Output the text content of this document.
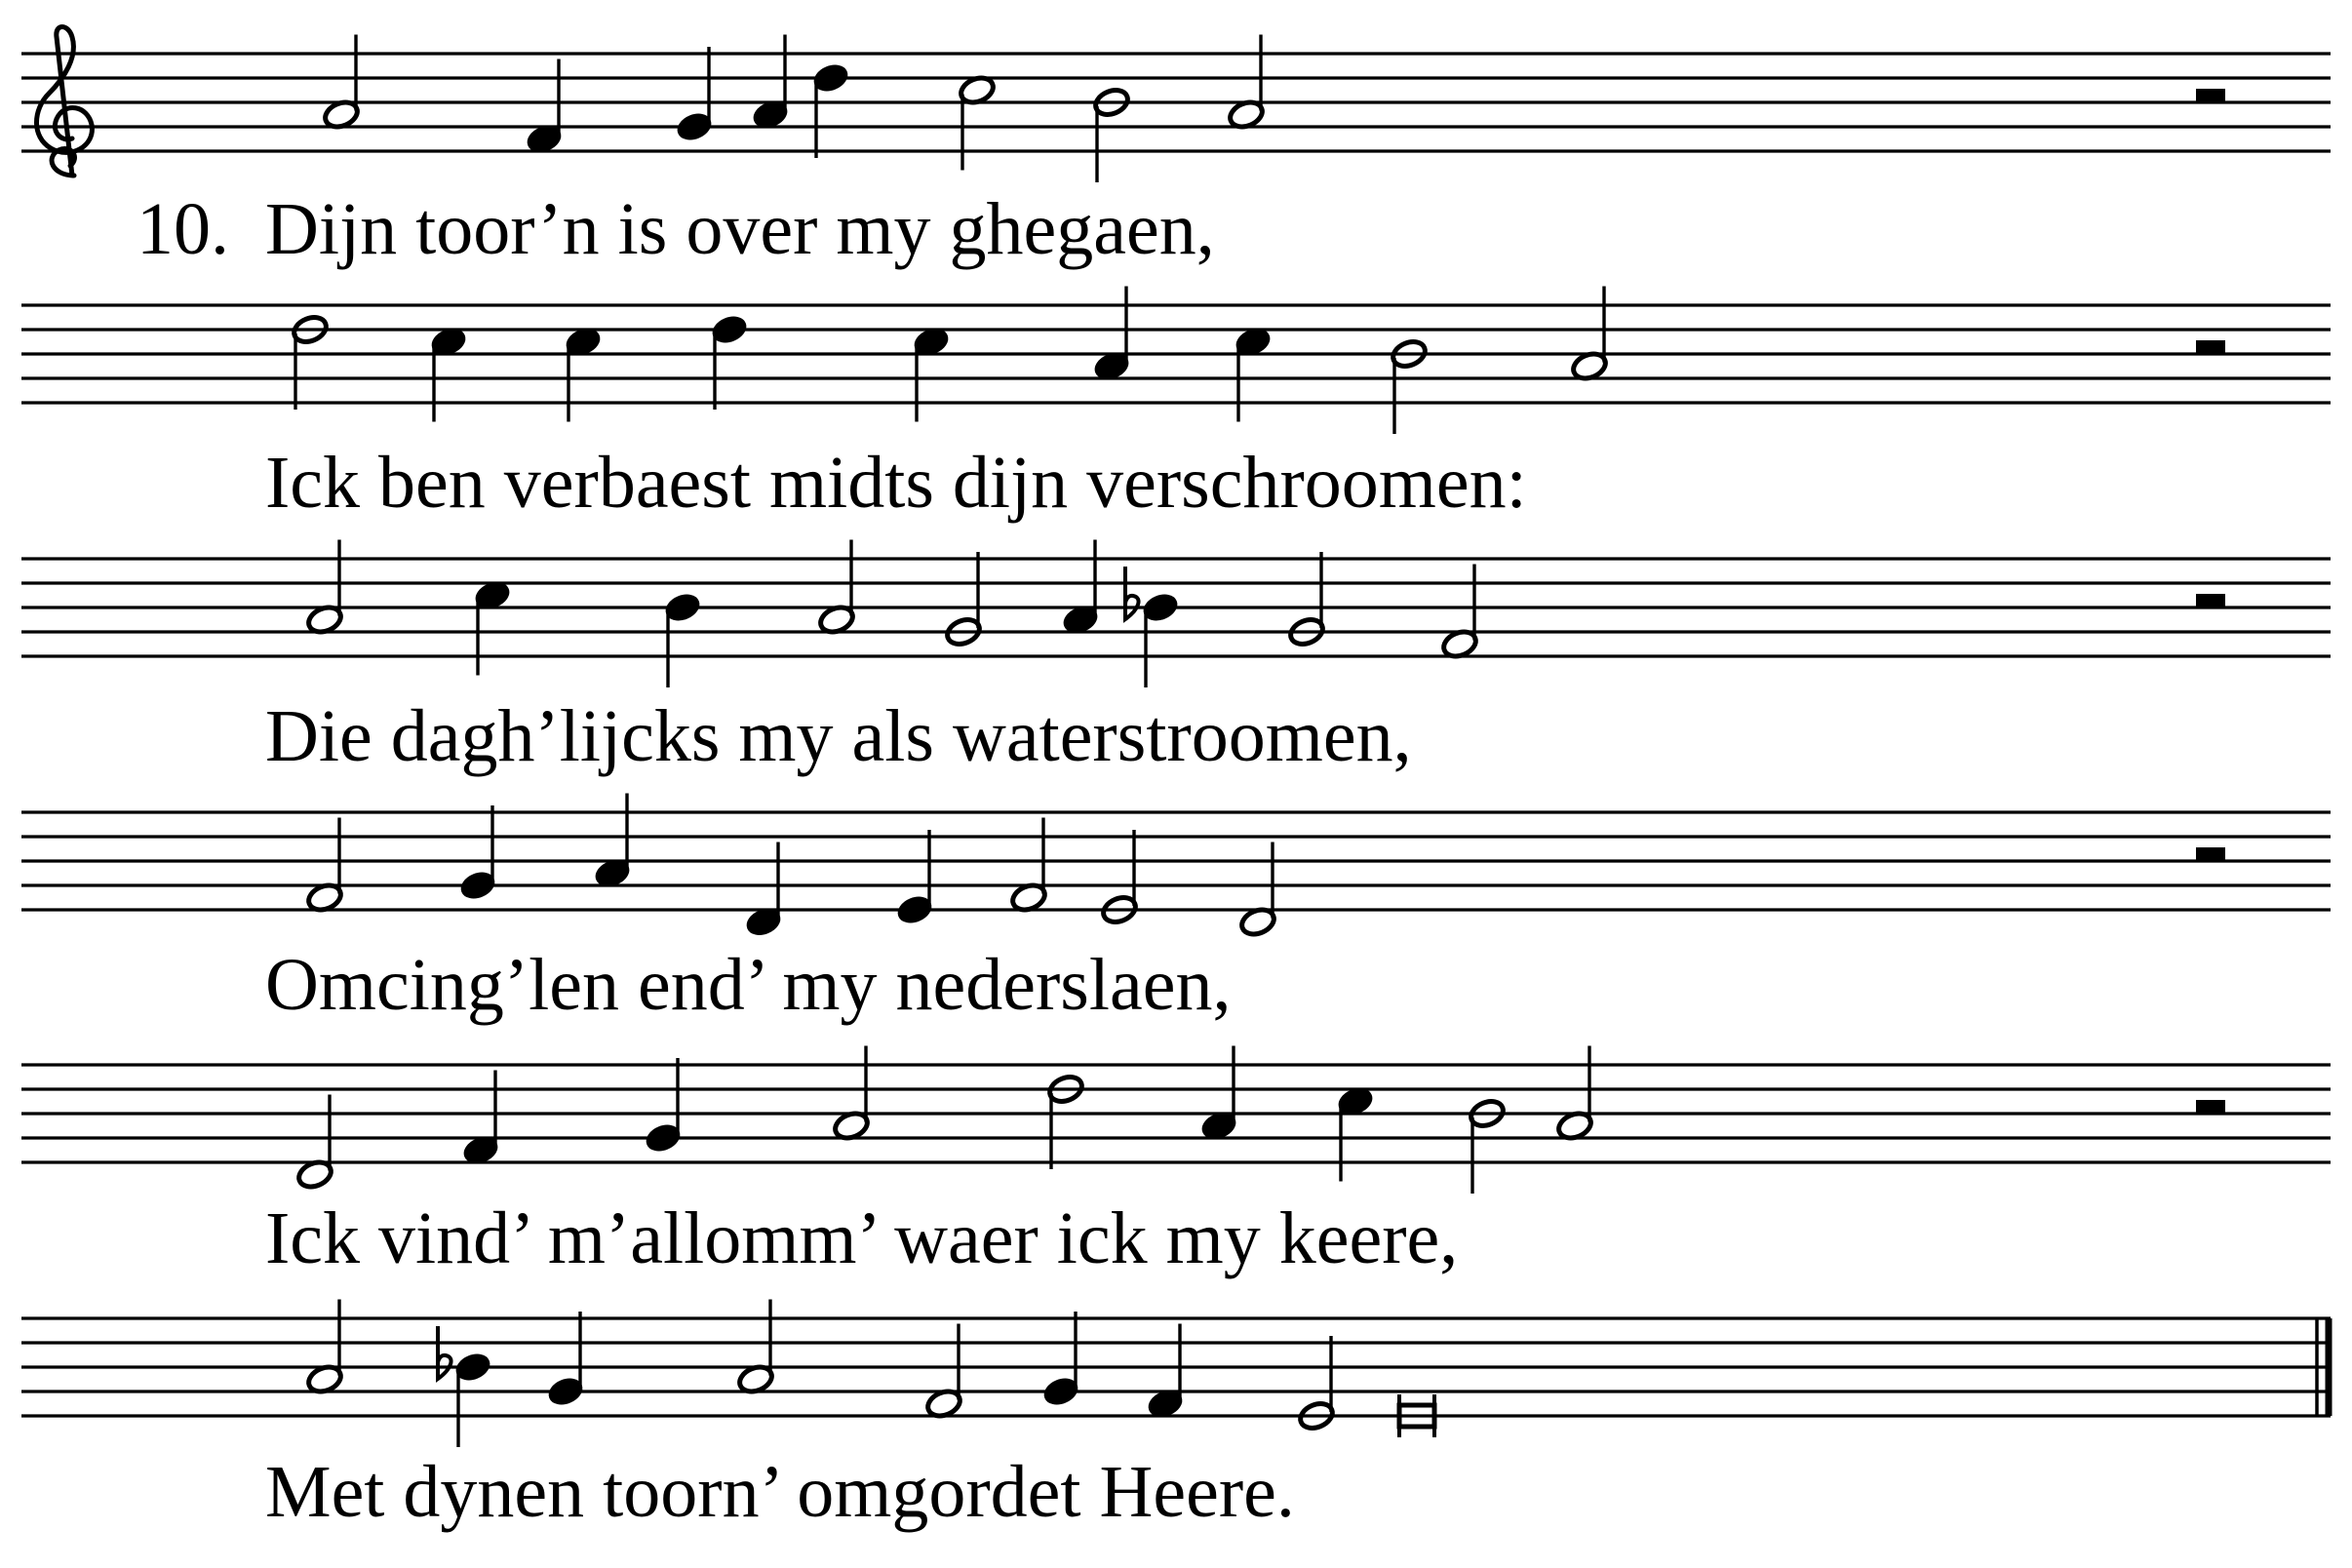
10. Dijn toor’n is over my ghegaen,
Ick ben verbaest midts dijn verschroomen:
Die dagh’lijcks my als waterstroomen,
Omcing’len end’ my nederslaen,
Ick vind’ m’allomm’ waer ick my keere,
Met dynen toorn’ omgordet Heere.
